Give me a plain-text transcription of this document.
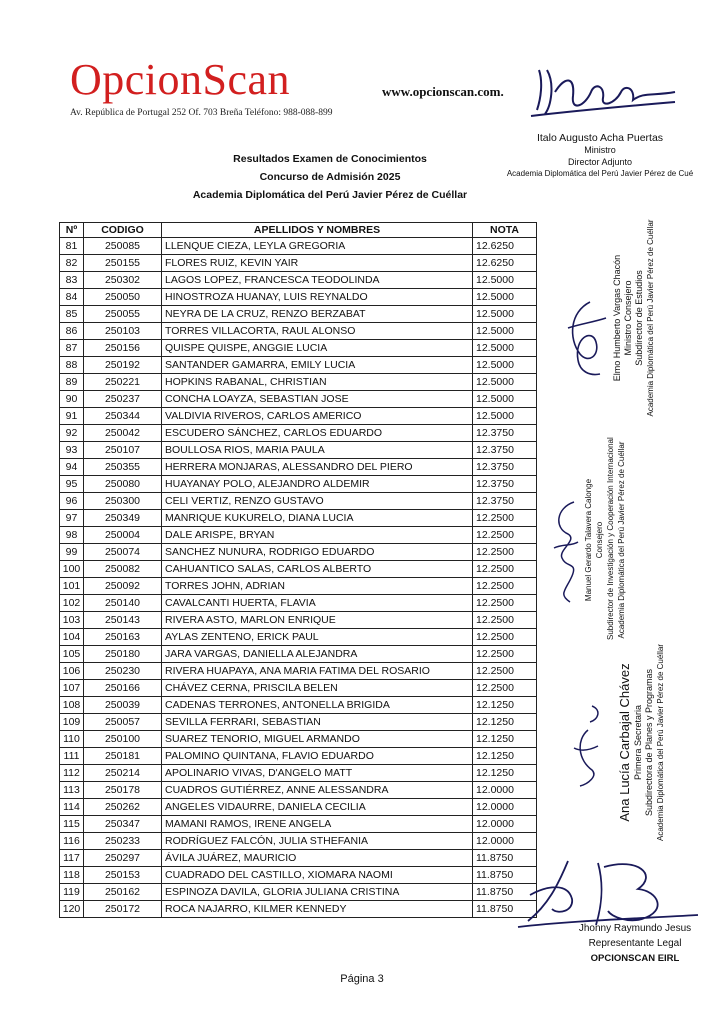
OpcionScan
Av. República de Portugal 252 Of. 703 Breña Teléfono: 988-088-899
www.opcionscan.com.
Italo Augusto Acha Puertas
Ministro
Director Adjunto
Academia Diplomática del Perú Javier Pérez de Cué
Resultados Examen de Conocimientos
Concurso de Admisión 2025
Academia Diplomática del Perú Javier Pérez de Cuéllar
Nº	CODIGO	APELLIDOS Y NOMBRES	NOTA
81	250085	LLENQUE CIEZA, LEYLA GREGORIA	12.6250
82	250155	FLORES RUIZ, KEVIN YAIR	12.6250
83	250302	LAGOS LOPEZ, FRANCESCA TEODOLINDA	12.5000
84	250050	HINOSTROZA HUANAY, LUIS REYNALDO	12.5000
85	250055	NEYRA DE LA CRUZ, RENZO BERZABAT	12.5000
86	250103	TORRES VILLACORTA, RAUL ALONSO	12.5000
87	250156	QUISPE QUISPE, ANGGIE LUCIA	12.5000
88	250192	SANTANDER GAMARRA, EMILY LUCIA	12.5000
89	250221	HOPKINS RABANAL, CHRISTIAN	12.5000
90	250237	CONCHA LOAYZA, SEBASTIAN JOSE	12.5000
91	250344	VALDIVIA RIVEROS, CARLOS AMERICO	12.5000
92	250042	ESCUDERO SÁNCHEZ, CARLOS EDUARDO	12.3750
93	250107	BOULLOSA RIOS, MARIA PAULA	12.3750
94	250355	HERRERA MONJARAS, ALESSANDRO DEL PIERO	12.3750
95	250080	HUAYANAY POLO, ALEJANDRO ALDEMIR	12.3750
96	250300	CELI VERTIZ, RENZO GUSTAVO	12.3750
97	250349	MANRIQUE KUKURELO, DIANA LUCIA	12.2500
98	250004	DALE ARISPE, BRYAN	12.2500
99	250074	SANCHEZ NUNURA, RODRIGO EDUARDO	12.2500
100	250082	CAHUANTICO SALAS, CARLOS ALBERTO	12.2500
101	250092	TORRES JOHN, ADRIAN	12.2500
102	250140	CAVALCANTI HUERTA, FLAVIA	12.2500
103	250143	RIVERA ASTO, MARLON ENRIQUE	12.2500
104	250163	AYLAS ZENTENO, ERICK PAUL	12.2500
105	250180	JARA VARGAS, DANIELLA ALEJANDRA	12.2500
106	250230	RIVERA HUAPAYA, ANA MARIA FATIMA DEL ROSARIO	12.2500
107	250166	CHÁVEZ CERNA, PRISCILA BELEN	12.2500
108	250039	CADENAS TERRONES, ANTONELLA BRIGIDA	12.1250
109	250057	SEVILLA FERRARI, SEBASTIAN	12.1250
110	250100	SUAREZ TENORIO, MIGUEL ARMANDO	12.1250
111	250181	PALOMINO QUINTANA, FLAVIO EDUARDO	12.1250
112	250214	APOLINARIO VIVAS, D'ANGELO MATT	12.1250
113	250178	CUADROS GUTIÉRREZ, ANNE ALESSANDRA	12.0000
114	250262	ANGELES VIDAURRE, DANIELA CECILIA	12.0000
115	250347	MAMANI RAMOS, IRENE ANGELA	12.0000
116	250233	RODRÍGUEZ FALCÓN, JULIA STHEFANIA	12.0000
117	250297	ÁVILA JUÁREZ, MAURICIO	11.8750
118	250153	CUADRADO DEL CASTILLO, XIOMARA NAOMI	11.8750
119	250162	ESPINOZA DAVILA, GLORIA JULIANA CRISTINA	11.8750
120	250172	ROCA NAJARRO, KILMER KENNEDY	11.8750
Elmo Humberto Vargas Chacón Ministro Consejero Subdirector de Estudios Academia Diplomática del Perú Javier Pérez de Cuéllar
Manuel Gerardo Talavera Calonge Consejero Subdirector de Investigación y Cooperación Internacional Academia Diplomática del Perú Javier Pérez de Cuéllar
Ana Lucía Carbajal Chávez Primera Secretaria Subdirectora de Planes y Programas Academia Diplomática del Perú Javier Pérez de Cuéllar
Jhonny Raymundo Jesus
Representante Legal
OPCIONSCAN EIRL
Página 3
